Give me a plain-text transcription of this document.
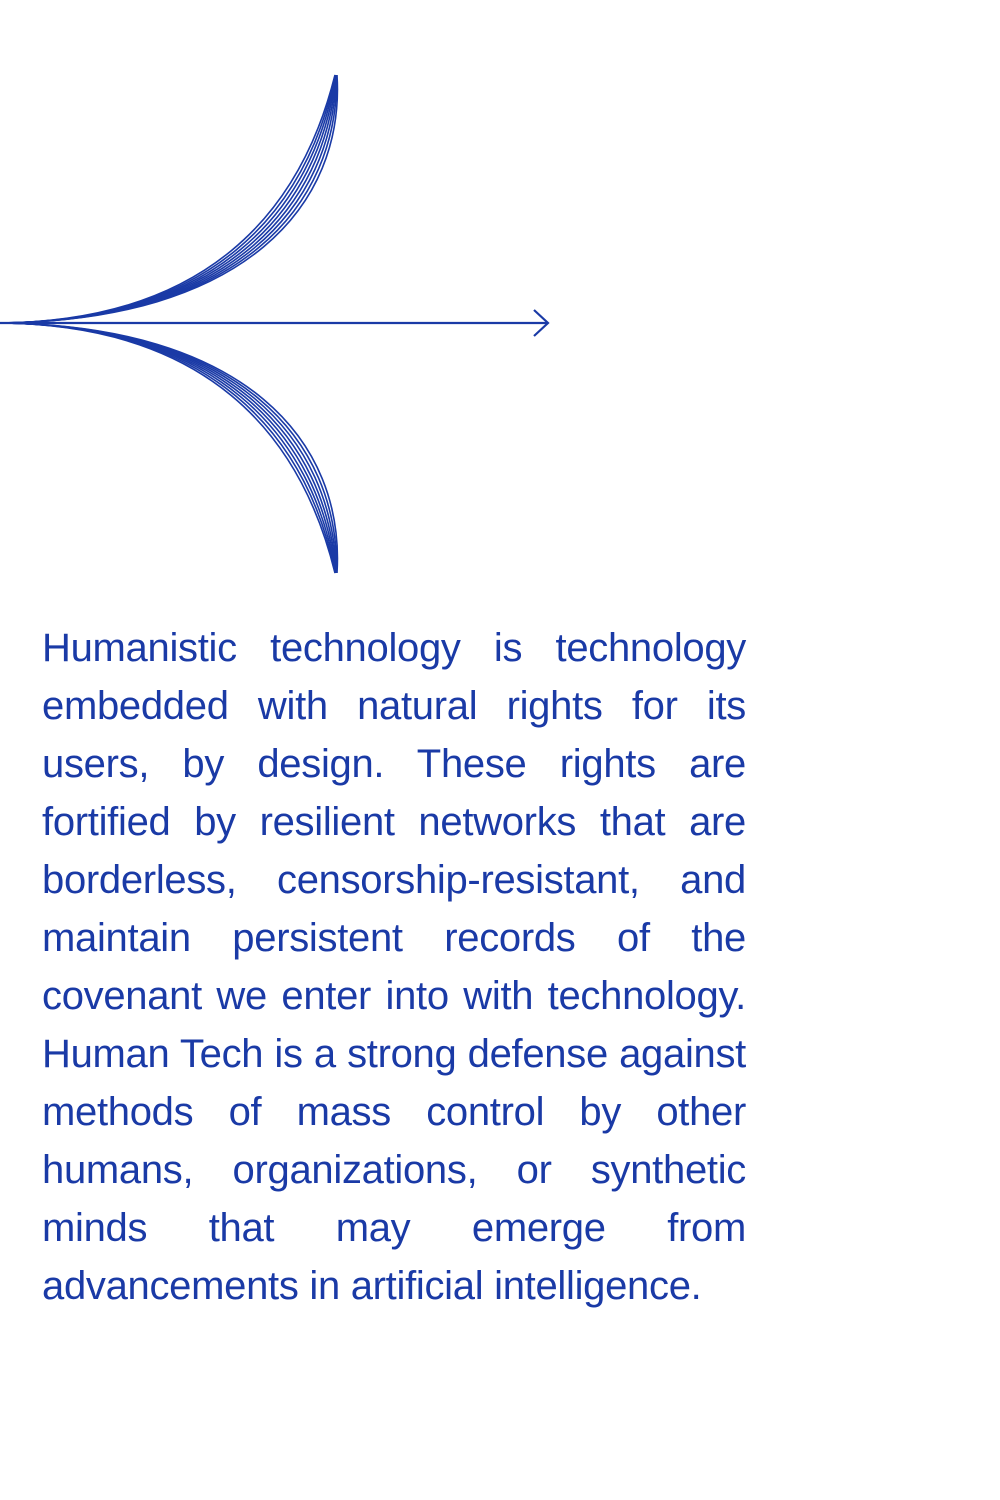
Humanistic technology is technology embedded with natural rights for its users, by design. These rights are fortified by resilient networks that are borderless, censorship-resistant, and maintain persistent records of the covenant we enter into with technology. Human Tech is a strong defense against methods of mass control by other humans, organizations, or synthetic minds that may emerge from advancements in artificial intelligence.
